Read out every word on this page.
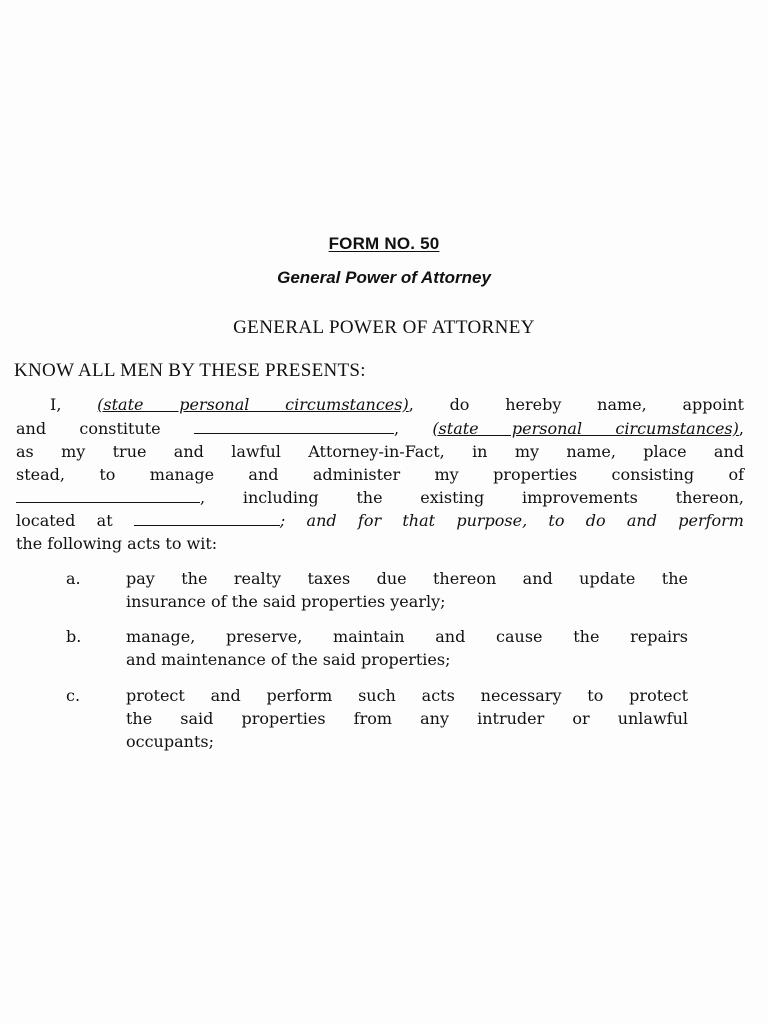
FORM NO. 50
General Power of Attorney
GENERAL POWER OF ATTORNEY
KNOW ALL MEN BY THESE PRESENTS:
I, (state personal circumstances), do hereby name, appoint
and constitute	, (state personal circumstances),
as my true and lawful Attorney-in-Fact, in my name, place and
stead, to manage and administer my properties consisting of
, including the existing improvements thereon,
located at	; and for that purpose, to do and perform
the following acts to wit:
a.	pay the realty taxes due thereon and update the
insurance of the said properties yearly;
b.	manage, preserve, maintain and cause the repairs
and maintenance of the said properties;
c.	protect and perform such acts necessary to protect
the said properties from any intruder or unlawful
occupants;
